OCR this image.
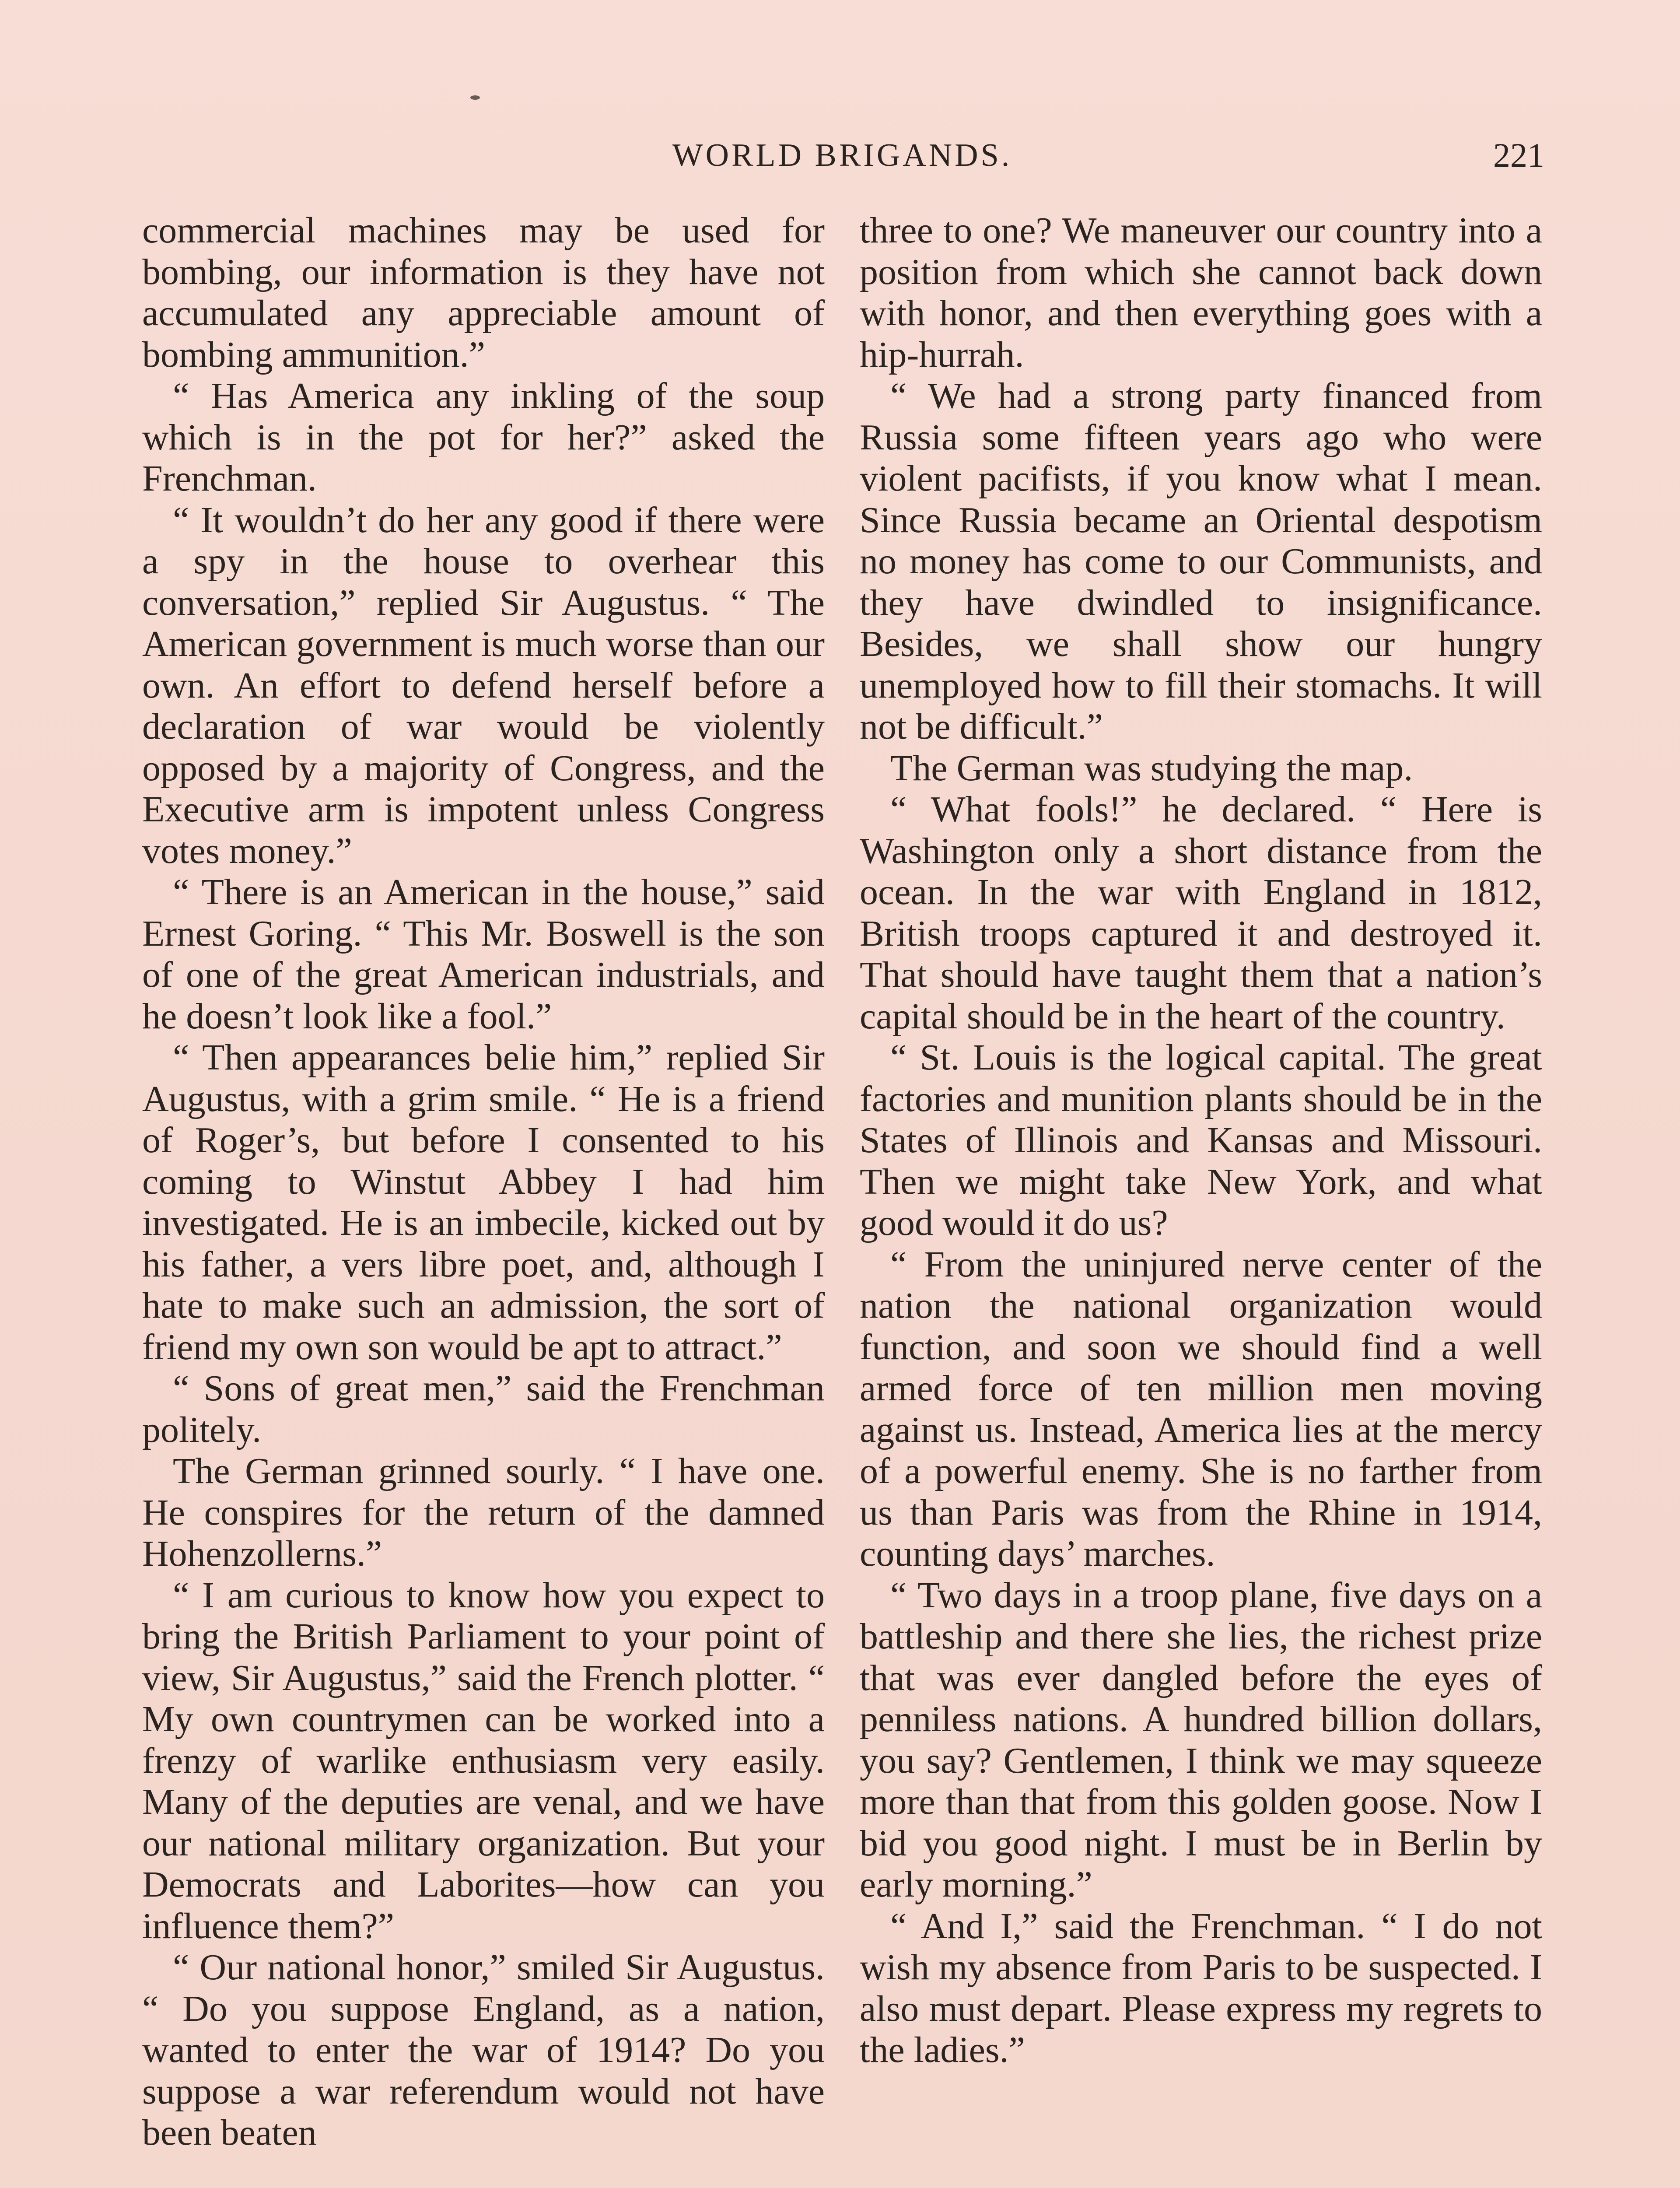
WORLD BRIGANDS.	221

commercial machines may be used for bombing, our information is they have not accumulated any appreciable amount of bombing ammunition.”

“ Has America any inkling of the soup which is in the pot for her?” asked the Frenchman.

“ It wouldn’t do her any good if there were a spy in the house to overhear this conversation,” replied Sir Augustus. “ The American government is much worse than our own. An effort to defend herself before a declaration of war would be violently opposed by a majority of Congress, and the Executive arm is impotent unless Congress votes money.”

“ There is an American in the house,” said Ernest Goring. “ This Mr. Boswell is the son of one of the great American industrials, and he doesn’t look like a fool.”

“ Then appearances belie him,” replied Sir Augustus, with a grim smile. “ He is a friend of Roger’s, but before I consented to his coming to Winstut Abbey I had him investigated. He is an imbecile, kicked out by his father, a vers libre poet, and, although I hate to make such an admission, the sort of friend my own son would be apt to attract.”

“ Sons of great men,” said the Frenchman politely.

The German grinned sourly. “ I have one. He conspires for the return of the damned Hohenzollerns.”

“ I am curious to know how you expect to bring the British Parliament to your point of view, Sir Augustus,” said the French plotter. “ My own countrymen can be worked into a frenzy of warlike enthusiasm very easily. Many of the deputies are venal, and we have our national military organization. But your Democrats and Laborites—how can you influence them?”

“ Our national honor,” smiled Sir Augustus. “ Do you suppose England, as a nation, wanted to enter the war of 1914? Do you suppose a war referendum would not have been beaten

three to one? We maneuver our country into a position from which she cannot back down with honor, and then everything goes with a hip-hurrah.

“ We had a strong party financed from Russia some fifteen years ago who were violent pacifists, if you know what I mean. Since Russia became an Oriental despotism no money has come to our Communists, and they have dwindled to insignificance. Besides, we shall show our hungry unemployed how to fill their stomachs. It will not be difficult.”

The German was studying the map.

“ What fools!” he declared. “ Here is Washington only a short distance from the ocean. In the war with England in 1812, British troops captured it and destroyed it. That should have taught them that a nation’s capital should be in the heart of the country.

“ St. Louis is the logical capital. The great factories and munition plants should be in the States of Illinois and Kansas and Missouri. Then we might take New York, and what good would it do us?

“ From the uninjured nerve center of the nation the national organization would function, and soon we should find a well armed force of ten million men moving against us. Instead, America lies at the mercy of a powerful enemy. She is no farther from us than Paris was from the Rhine in 1914, counting days’ marches.

“ Two days in a troop plane, five days on a battleship and there she lies, the richest prize that was ever dangled before the eyes of penniless nations. A hundred billion dollars, you say? Gentlemen, I think we may squeeze more than that from this golden goose. Now I bid you good night. I must be in Berlin by early morning.”

“ And I,” said the Frenchman. “ I do not wish my absence from Paris to be suspected. I also must depart. Please express my regrets to the ladies.”
